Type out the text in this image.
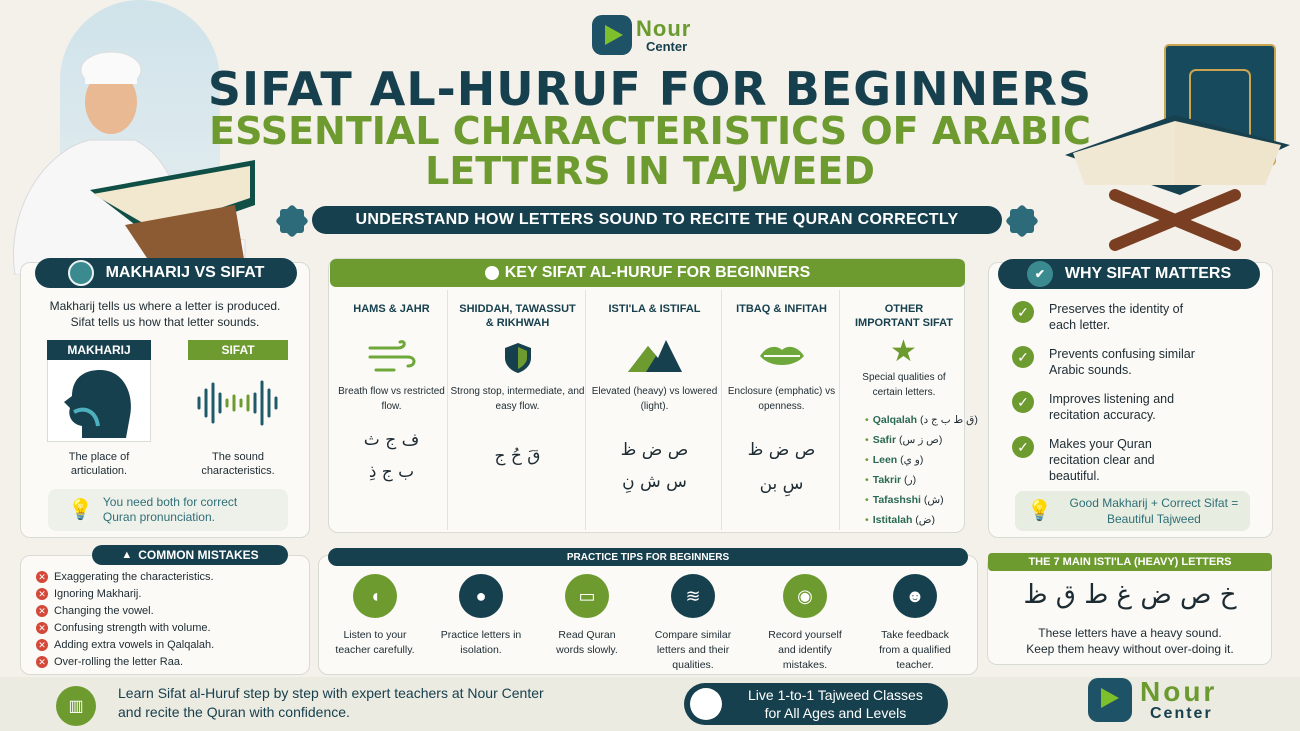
Nour
Center
SIFAT AL-HURUF FOR BEGINNERS
ESSENTIAL CHARACTERISTICS OF ARABIC LETTERS IN TAJWEED
UNDERSTAND HOW LETTERS SOUND TO RECITE THE QURAN CORRECTLY
MAKHARIJ VS SIFAT
Makharij tells us where a letter is produced.
Sifat tells us how that letter sounds.
MAKHARIJ
The place of articulation.
SIFAT
The sound characteristics.
💡 You need both for correct Quran pronunciation.
KEY SIFAT AL-HURUF FOR BEGINNERS
HAMS & JAHR
Breath flow vs restricted flow.
ف ج ث
ب ج ذِ
SHIDDAH, TAWASSUT & RIKHWAH
Strong stop, intermediate, and easy flow.
قَ حُ ج
ISTI'LA & ISTIFAL
Elevated (heavy) vs lowered (light).
ص ض ظ
س ش نِ
ITBAQ & INFITAH
Enclosure (emphatic) vs openness.
ص ض ظ
سِ بن
OTHER IMPORTANT SIFAT
★
Special qualities of certain letters.
• Qalqalah (ق ط ب ج د)
• Safir (ص ز س)
• Leen (و ي)
• Takrir (ر)
• Tafashshi (ش)
• Istitalah (ض)
✔	WHY SIFAT MATTERS
✓	Preserves the identity of each letter.
✓	Prevents confusing similar Arabic sounds.
✓	Improves listening and recitation accuracy.
✓	Makes your Quran recitation clear and beautiful.
💡	Good Makharij + Correct Sifat = Beautiful Tajweed
▲ COMMON MISTAKES
✕ Exaggerating the characteristics.
✕ Ignoring Makharij.
✕ Changing the vowel.
✕ Confusing strength with volume.
✕ Adding extra vowels in Qalqalah.
✕ Over-rolling the letter Raa.
PRACTICE TIPS FOR BEGINNERS
◖
Listen to your teacher carefully.
●
Practice letters in isolation.
▭
Read Quran words slowly.
≋
Compare similar letters and their qualities.
◉
Record yourself and identify mistakes.
☻
Take feedback from a qualified teacher.
THE 7 MAIN ISTI'LA (HEAVY) LETTERS
خ ص ض غ ط ق ظ
These letters have a heavy sound.
Keep them heavy without over-doing it.
▥
Learn Sifat al-Huruf step by step with expert teachers at Nour Center
and recite the Quran with confidence.
Live 1-to-1 Tajweed Classes
for All Ages and Levels
Nour
Center
